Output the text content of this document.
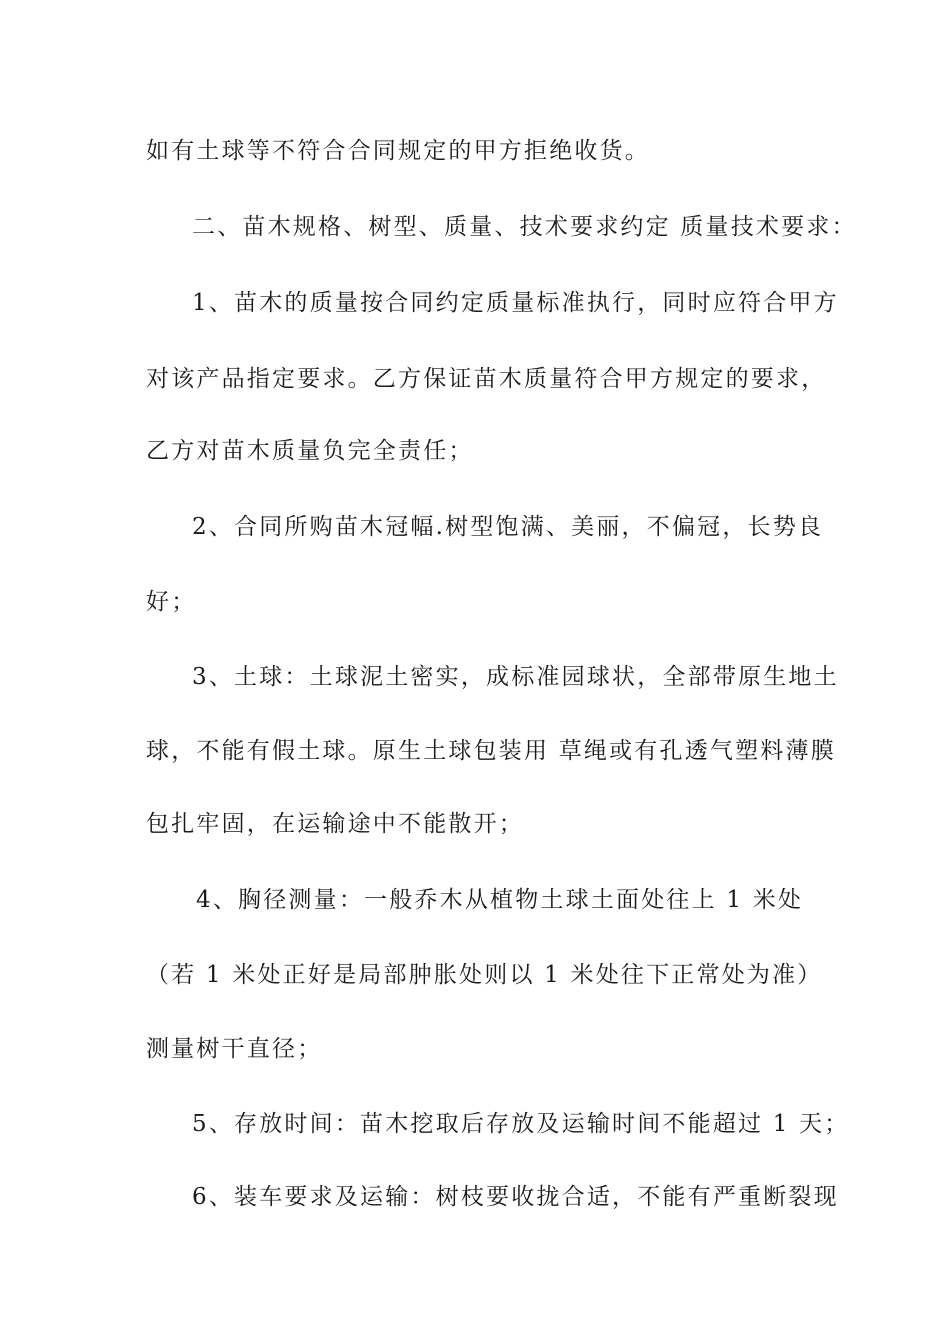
如有土球等不符合合同规定的甲方拒绝收货。
二、苗木规格、树型、质量、技术要求约定 质量技术要求：
1、苗木的质量按合同约定质量标准执行，同时应符合甲方
对该产品指定要求。乙方保证苗木质量符合甲方规定的要求，
乙方对苗木质量负完全责任；
2、合同所购苗木冠幅.树型饱满、美丽，不偏冠，长势良
好；
3、土球：土球泥土密实，成标准园球状，全部带原生地土
球，不能有假土球。原生土球包装用 草绳或有孔透气塑料薄膜
包扎牢固，在运输途中不能散开；
4、胸径测量：一般乔木从植物土球土面处往上 1 米处
（若 1 米处正好是局部肿胀处则以 1 米处往下正常处为准）
测量树干直径；
5、存放时间：苗木挖取后存放及运输时间不能超过 1 天；
6、装车要求及运输：树枝要收拢合适，不能有严重断裂现
